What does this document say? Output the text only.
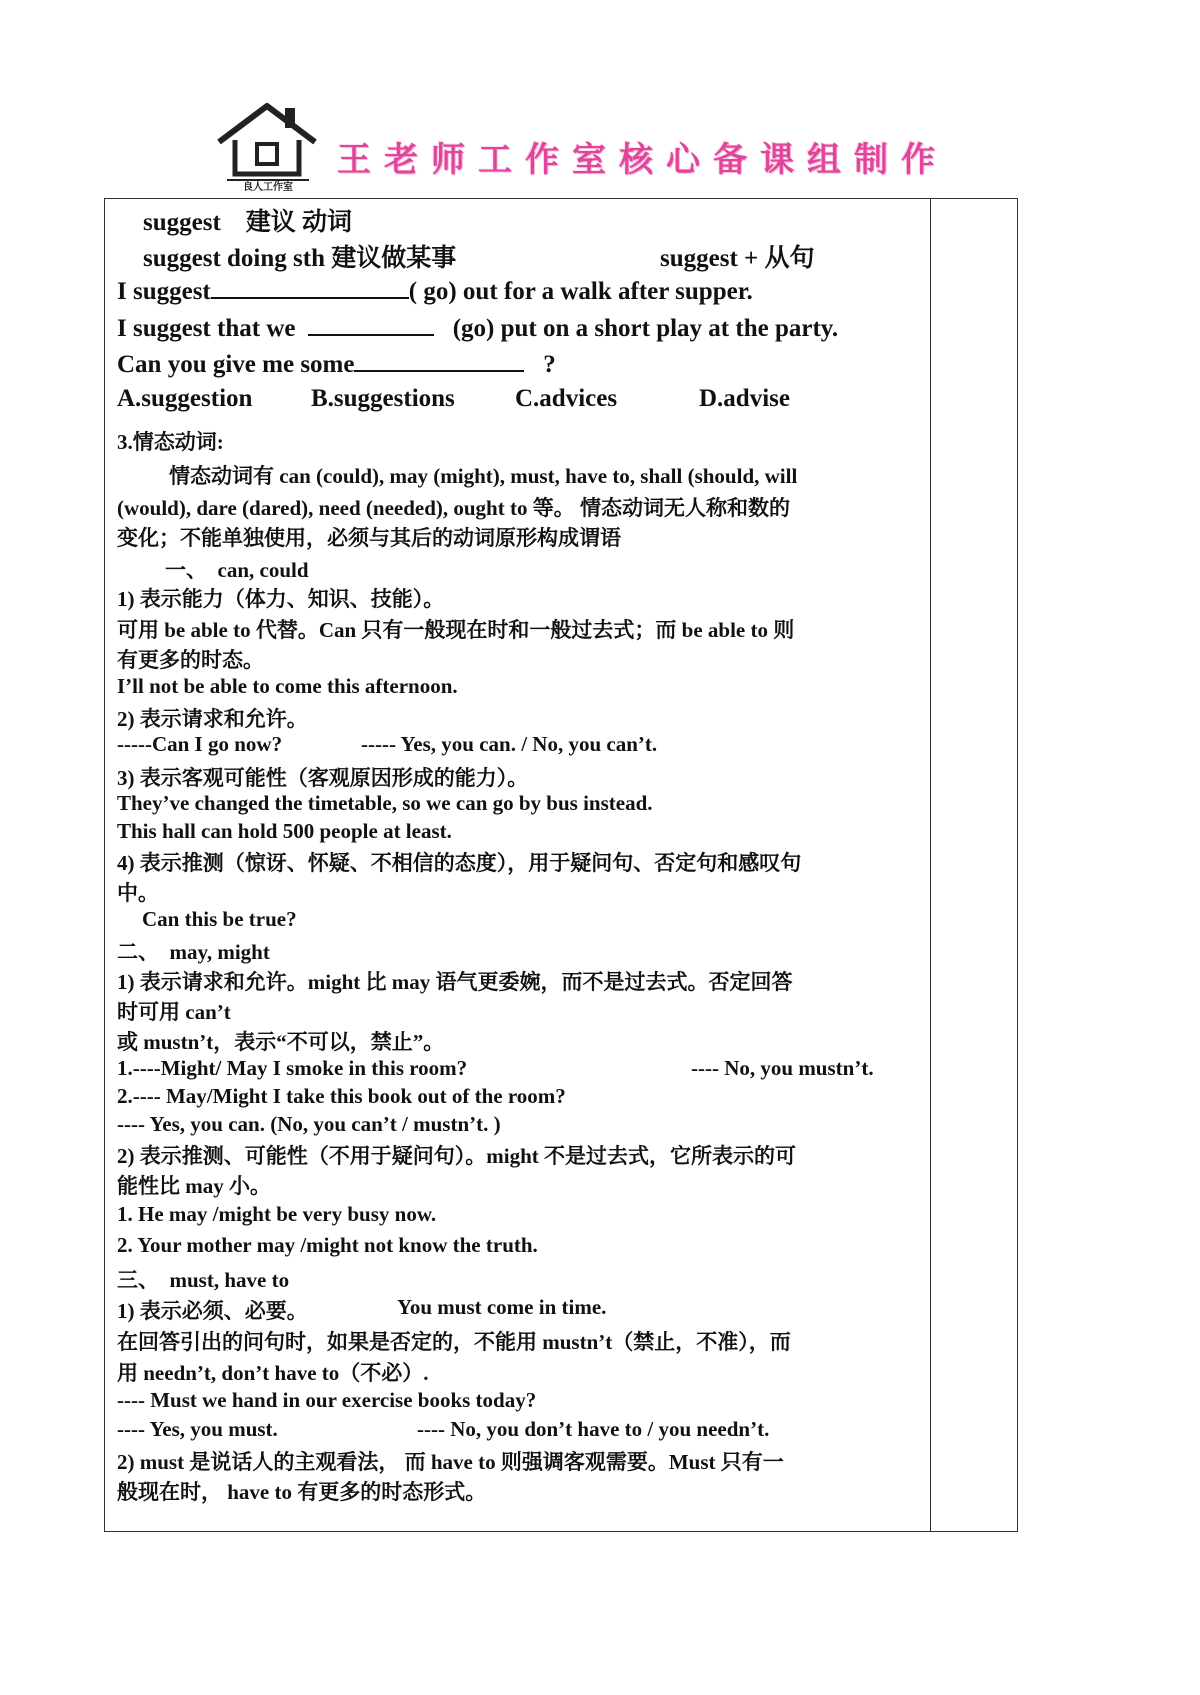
良人工作室
王老师工作室核心备课组制作
suggest　建议 动词
suggest doing sth 建议做某事	suggest + 从句
I suggest	( go) out for a walk after supper.
I suggest that we	(go) put on a short play at the party.
Can you give me some	?
A.suggestion B.suggestions C.advices	D.advise
3.情态动词:
情态动词有 can (could), may (might), must, have to, shall (should, will
(would), dare (dared), need (needed), ought to 等。 情态动词无人称和数的
变化；不能单独使用，必须与其后的动词原形构成谓语
一、　can, could
1) 表示能力（体力、知识、技能）。
可用 be able to 代替。Can 只有一般现在时和一般过去式；而 be able to 则
有更多的时态。
I’ll not be able to come this afternoon.
2) 表示请求和允许。
-----Can I go now?	----- Yes, you can. / No, you can’t.
3) 表示客观可能性（客观原因形成的能力）。
They’ve changed the timetable, so we can go by bus instead.
This hall can hold 500 people at least.
4) 表示推测（惊讶、怀疑、不相信的态度），用于疑问句、否定句和感叹句
中。
Can this be true?
二、　may, might
1) 表示请求和允许。might 比 may 语气更委婉，而不是过去式。否定回答
时可用 can’t
或 mustn’t，表示“不可以，禁止”。
1.----Might/ May I smoke in this room?	---- No, you mustn’t.
2.---- May/Might I take this book out of the room?
---- Yes, you can. (No, you can’t / mustn’t. )
2) 表示推测、可能性（不用于疑问句）。might 不是过去式，它所表示的可
能性比 may 小。
1. He may /might be very busy now.
2. Your mother may /might not know the truth.
三、　must, have to
1) 表示必须、必要。	You must come in time.
在回答引出的问句时，如果是否定的，不能用 mustn’t（禁止，不准），而
用 needn’t, don’t have to（不必）.
---- Must we hand in our exercise books today?
---- Yes, you must.	---- No, you don’t have to / you needn’t.
2) must 是说话人的主观看法， 而 have to 则强调客观需要。Must 只有一
般现在时， have to 有更多的时态形式。
